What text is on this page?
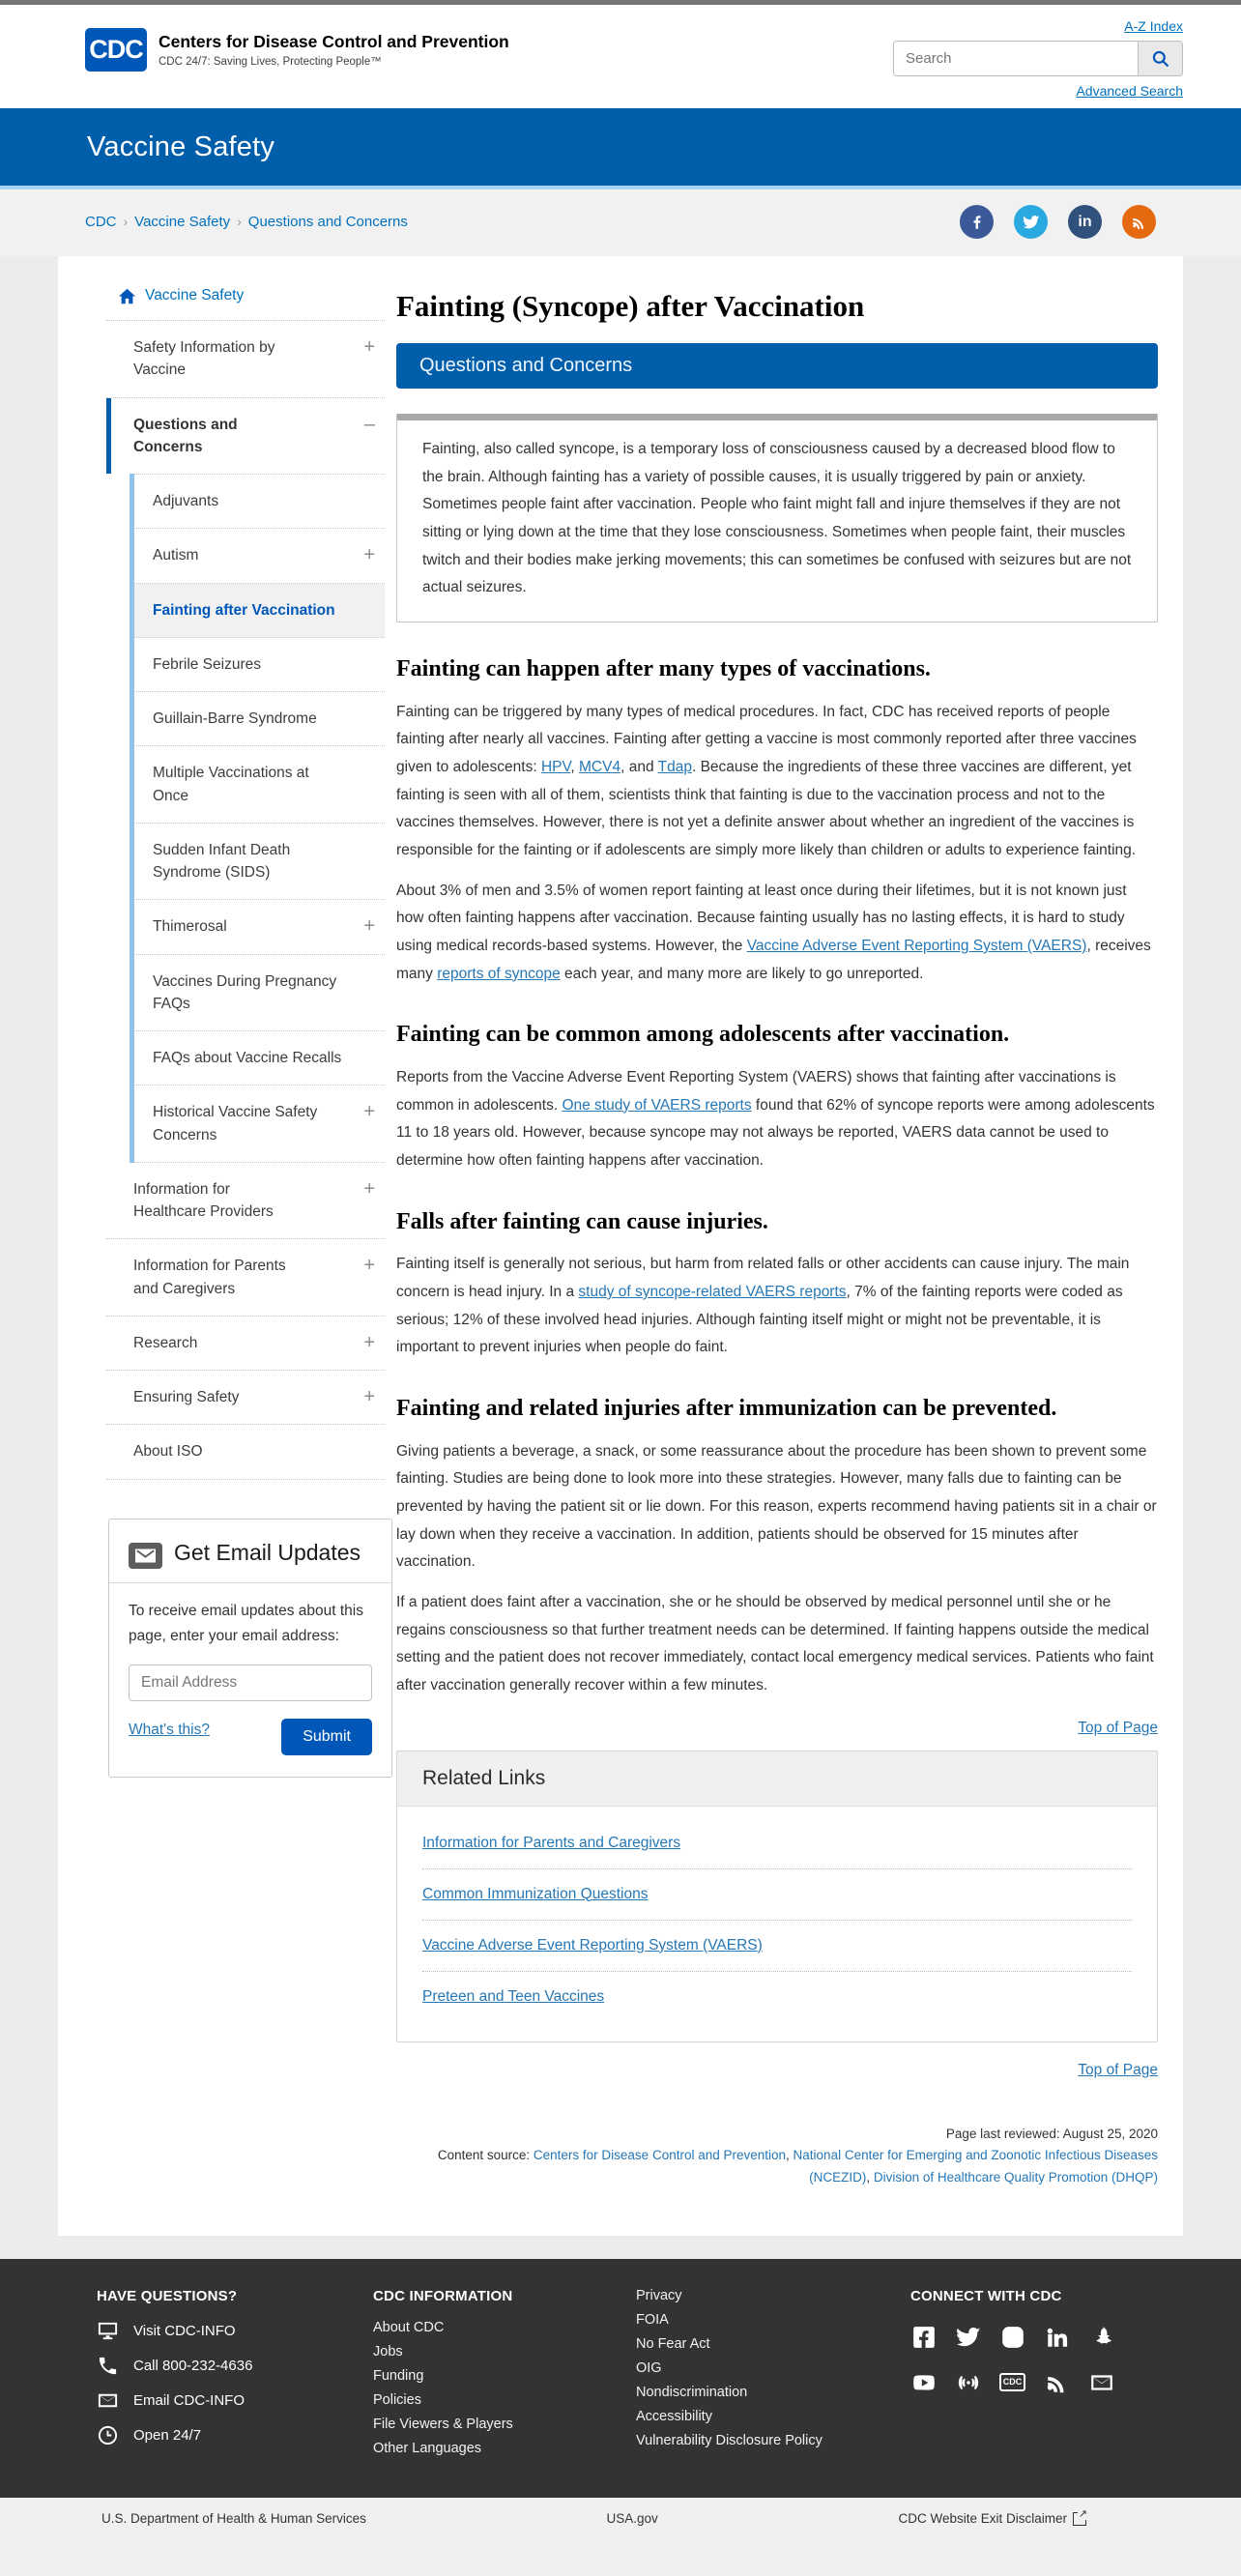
CDC Centers for Disease Control and Prevention
CDC 24/7: Saving Lives, Protecting People™
A-Z Index
Search
Advanced Search
Vaccine Safety
CDC › Vaccine Safety › Questions and Concerns	in
Vaccine Safety
Safety Information by Vaccine
+
Questions and Concerns
–
Adjuvants
Autism	+
Fainting after Vaccination
Febrile Seizures
Guillain-Barre Syndrome
Multiple Vaccinations at Once
Sudden Infant Death Syndrome (SIDS)
Thimerosal	+
Vaccines During Pregnancy FAQs
FAQs about Vaccine Recalls
Historical Vaccine Safety Concerns
+
Information for Healthcare Providers
+
Information for Parents and Caregivers
+
Research	+
Ensuring Safety	+
About ISO
Get Email Updates

To receive email updates about this page, enter your email address:

Email Address
What's this?	Submit
Fainting (Syncope) after Vaccination
Questions and Concerns

Fainting, also called syncope, is a temporary loss of consciousness caused by a decreased blood flow to the brain. Although fainting has a variety of possible causes, it is usually triggered by pain or anxiety. Sometimes people faint after vaccination. People who faint might fall and injure themselves if they are not sitting or lying down at the time that they lose consciousness. Sometimes when people faint, their muscles twitch and their bodies make jerking movements; this can sometimes be confused with seizures but are not actual seizures.

Fainting can happen after many types of vaccinations.

Fainting can be triggered by many types of medical procedures. In fact, CDC has received reports of people fainting after nearly all vaccines. Fainting after getting a vaccine is most commonly reported after three vaccines given to adolescents: HPV, MCV4, and Tdap. Because the ingredients of these three vaccines are different, yet fainting is seen with all of them, scientists think that fainting is due to the vaccination process and not to the vaccines themselves. However, there is not yet a definite answer about whether an ingredient of the vaccines is responsible for the fainting or if adolescents are simply more likely than children or adults to experience fainting.

About 3% of men and 3.5% of women report fainting at least once during their lifetimes, but it is not known just how often fainting happens after vaccination. Because fainting usually has no lasting effects, it is hard to study using medical records-based systems. However, the Vaccine Adverse Event Reporting System (VAERS), receives many reports of syncope each year, and many more are likely to go unreported.

Fainting can be common among adolescents after vaccination.

Reports from the Vaccine Adverse Event Reporting System (VAERS) shows that fainting after vaccinations is common in adolescents. One study of VAERS reports found that 62% of syncope reports were among adolescents 11 to 18 years old. However, because syncope may not always be reported, VAERS data cannot be used to determine how often fainting happens after vaccination.

Falls after fainting can cause injuries.

Fainting itself is generally not serious, but harm from related falls or other accidents can cause injury. The main concern is head injury. In a study of syncope-related VAERS reports, 7% of the fainting reports were coded as serious; 12% of these involved head injuries. Although fainting itself might or might not be preventable, it is important to prevent injuries when people do faint.

Fainting and related injuries after immunization can be prevented.

Giving patients a beverage, a snack, or some reassurance about the procedure has been shown to prevent some fainting. Studies are being done to look more into these strategies. However, many falls due to fainting can be prevented by having the patient sit or lie down. For this reason, experts recommend having patients sit in a chair or lay down when they receive a vaccination. In addition, patients should be observed for 15 minutes after vaccination.

If a patient does faint after a vaccination, she or he should be observed by medical personnel until she or he regains consciousness so that further treatment needs can be determined. If fainting happens outside the medical setting and the patient does not recover immediately, contact local emergency medical services. Patients who faint after vaccination generally recover within a few minutes.

Top of Page
Related Links
Information for Parents and Caregivers
Common Immunization Questions
Vaccine Adverse Event Reporting System (VAERS)
Preteen and Teen Vaccines
Top of Page
Page last reviewed: August 25, 2020
Content source: Centers for Disease Control and Prevention, National Center for Emerging and Zoonotic Infectious Diseases (NCEZID), Division of Healthcare Quality Promotion (DHQP)
HAVE QUESTIONS?
Visit CDC-INFO
Call 800-232-4636
Email CDC-INFO
Open 24/7
CDC INFORMATION
About CDC
Jobs
Funding
Policies
File Viewers & Players
Other Languages
Privacy
FOIA
No Fear Act
OIG
Nondiscrimination
Accessibility
Vulnerability Disclosure Policy
CONNECT WITH CDC
CDC
U.S. Department of Health & Human Services	USA.gov	CDC Website Exit Disclaimer
↗
